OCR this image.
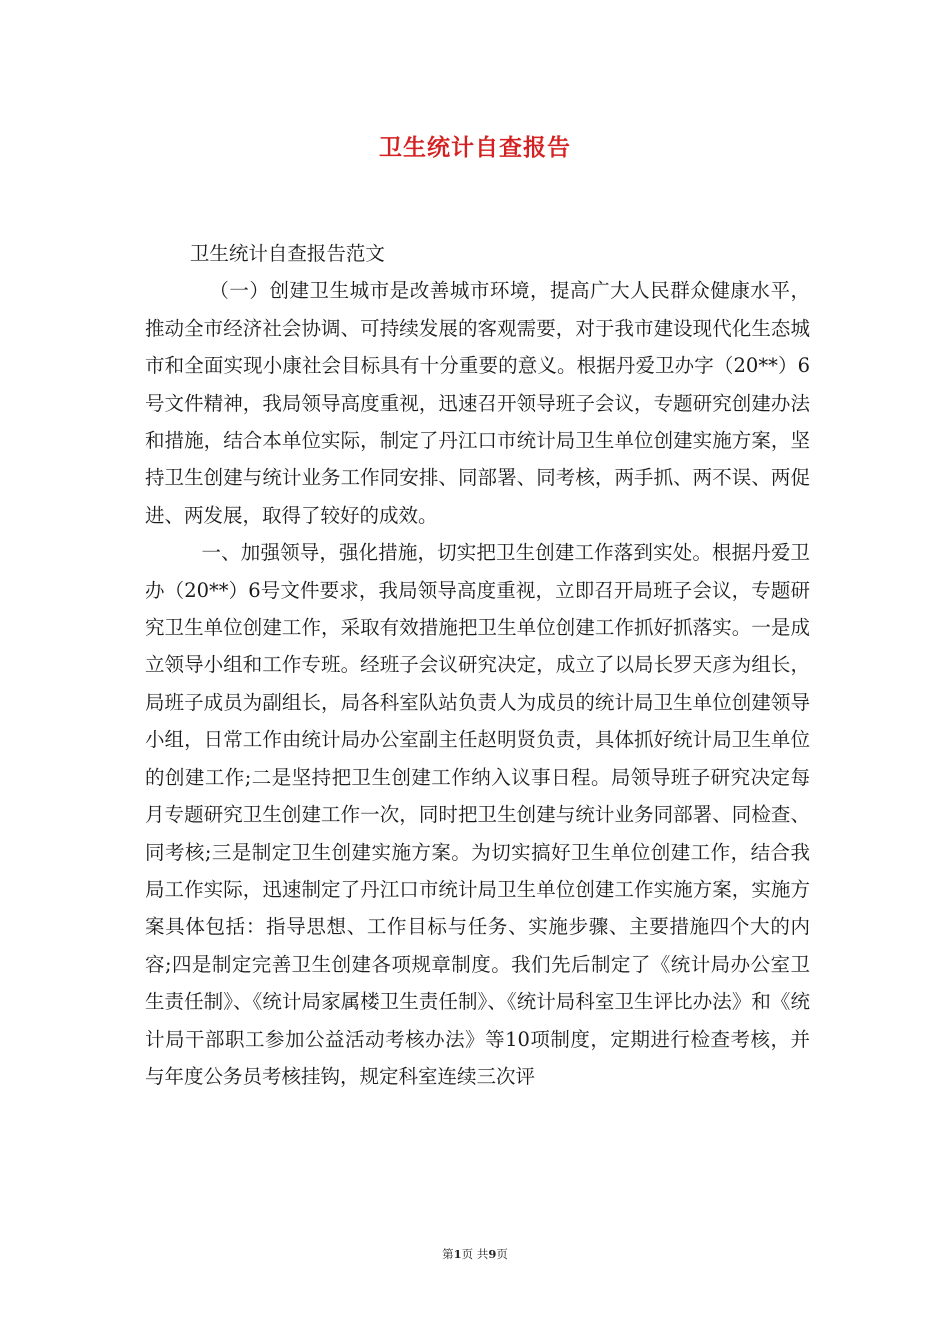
卫生统计自查报告

卫生统计自查报告范文

（一）创建卫生城市是改善城市环境，提高广大人民群众健康水平，推动全市经济社会协调、可持续发展的客观需要，对于我市建设现代化生态城市和全面实现小康社会目标具有十分重要的意义。根据丹爱卫办字（20**）6号文件精神，我局领导高度重视，迅速召开领导班子会议，专题研究创建办法和措施，结合本单位实际，制定了丹江口市统计局卫生单位创建实施方案，坚持卫生创建与统计业务工作同安排、同部署、同考核，两手抓、两不误、两促进、两发展，取得了较好的成效。

一、加强领导，强化措施，切实把卫生创建工作落到实处。根据丹爱卫办（20**）6号文件要求，我局领导高度重视，立即召开局班子会议，专题研究卫生单位创建工作，采取有效措施把卫生单位创建工作抓好抓落实。一是成立领导小组和工作专班。经班子会议研究决定，成立了以局长罗天彦为组长，局班子成员为副组长，局各科室队站负责人为成员的统计局卫生单位创建领导小组，日常工作由统计局办公室副主任赵明贤负责，具体抓好统计局卫生单位的创建工作;二是坚持把卫生创建工作纳入议事日程。局领导班子研究决定每月专题研究卫生创建工作一次，同时把卫生创建与统计业务同部署、同检查、同考核;三是制定卫生创建实施方案。为切实搞好卫生单位创建工作，结合我局工作实际，迅速制定了丹江口市统计局卫生单位创建工作实施方案，实施方案具体包括：指导思想、工作目标与任务、实施步骤、主要措施四个大的内容;四是制定完善卫生创建各项规章制度。我们先后制定了《统计局办公室卫生责任制》、《统计局家属楼卫生责任制》、《统计局科室卫生评比办法》和《统计局干部职工参加公益活动考核办法》等10项制度，定期进行检查考核，并与年度公务员考核挂钩，规定科室连续三次评

第1页 共9页
